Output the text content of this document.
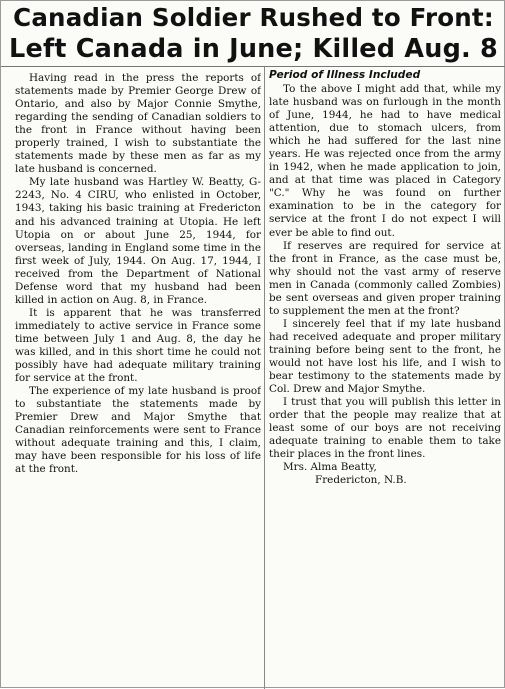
Canadian Soldier Rushed to Front:
Left Canada in June; Killed Aug. 8

Having read in the press the reports of statements made by Premier George Drew of Ontario, and also by Major Connie Smythe, regarding the sending of Canadian soldiers to the front in France without having been properly trained, I wish to substantiate the statements made by these men as far as my late husband is concerned.

My late husband was Hartley W. Beatty, G-2243, No. 4 CIRU, who enlisted in October, 1943, taking his basic training at Fredericton and his advanced training at Utopia. He left Utopia on or about June 25, 1944, for overseas, landing in England some time in the first week of July, 1944. On Aug. 17, 1944, I received from the Department of National Defense word that my husband had been killed in action on Aug. 8, in France.

It is apparent that he was transferred immediately to active service in France some time between July 1 and Aug. 8, the day he was killed, and in this short time he could not possibly have had adequate military training for service at the front.

The experience of my late husband is proof to substantiate the statements made by Premier Drew and Major Smythe that Canadian reinforcements were sent to France without adequate training and this, I claim, may have been responsible for his loss of life at the front.

Period of Illness Included

To the above I might add that, while my late husband was on furlough in the month of June, 1944, he had to have medical attention, due to stomach ulcers, from which he had suffered for the last nine years. He was rejected once from the army in 1942, when he made application to join, and at that time was placed in Category "C." Why he was found on further examination to be in the category for service at the front I do not expect I will ever be able to find out.

If reserves are required for service at the front in France, as the case must be, why should not the vast army of reserve men in Canada (commonly called Zombies) be sent overseas and given proper training to supplement the men at the front?

I sincerely feel that if my late husband had received adequate and proper military training before being sent to the front, he would not have lost his life, and I wish to bear testimony to the statements made by Col. Drew and Major Smythe.

I trust that you will publish this letter in order that the people may realize that at least some of our boys are not receiving adequate training to enable them to take their places in the front lines.

Mrs. Alma Beatty,

Fredericton, N.B.
